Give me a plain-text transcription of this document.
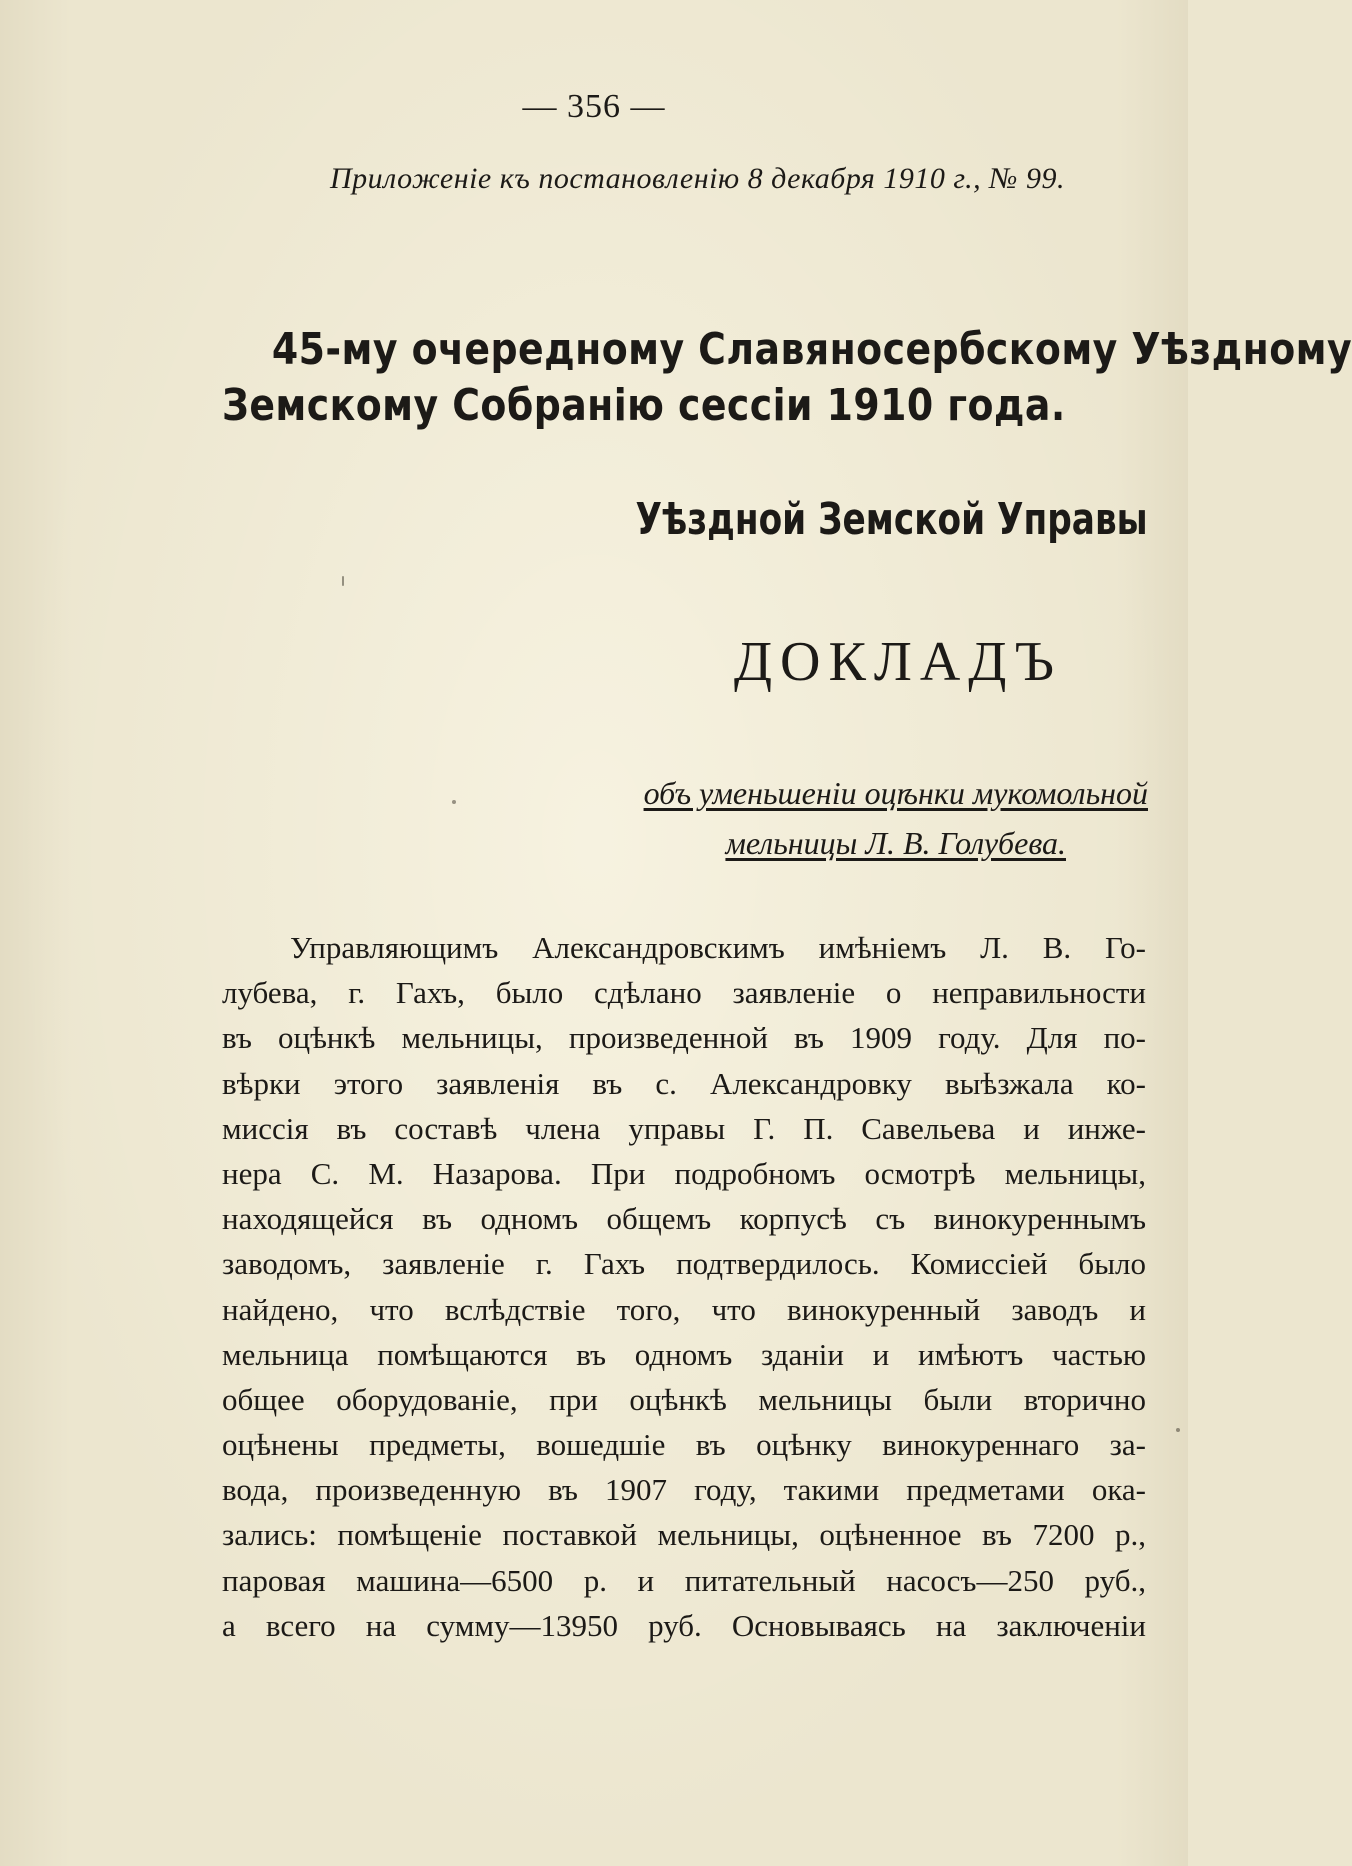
— 356 —
Приложенiе къ постановленiю 8 декабря 1910 г., № 99.
45-му очередному Славяносербскому Уѣздному
Земскому Собранiю сессiи 1910 года.
Уѣздной Земской Управы
ДОКЛАДЪ
объ уменьшенiи оцѣнки мукомольной
мельницы Л. В. Голубева.
Управляющимъ Александровскимъ имѣнiемъ Л. В. Го-
лубева, г. Гахъ, было сдѣлано заявленiе о неправильности
въ оцѣнкѣ мельницы, произведенной въ 1909 году. Для по-
вѣрки этого заявленiя въ с. Александровку выѣзжала ко-
миссiя въ составѣ члена управы Г. П. Савельева и инже-
нера С. М. Назарова. При подробномъ осмотрѣ мельницы,
находящейся въ одномъ общемъ корпусѣ съ винокуреннымъ
заводомъ, заявленiе г. Гахъ подтвердилось. Комиссiей было
найдено, что вслѣдствiе того, что винокуренный заводъ и
мельница помѣщаются въ одномъ зданiи и имѣютъ частью
общее оборудованiе, при оцѣнкѣ мельницы были вторично
оцѣнены предметы, вошедшiе въ оцѣнку винокуреннаго за-
вода, произведенную въ 1907 году, такими предметами ока-
зались: помѣщенiе поставкой мельницы, оцѣненное въ 7200 р.,
паровая машина—6500 р. и питательный насосъ—250 руб.,
а всего на сумму—13950 руб. Основываясь на заключенiи
